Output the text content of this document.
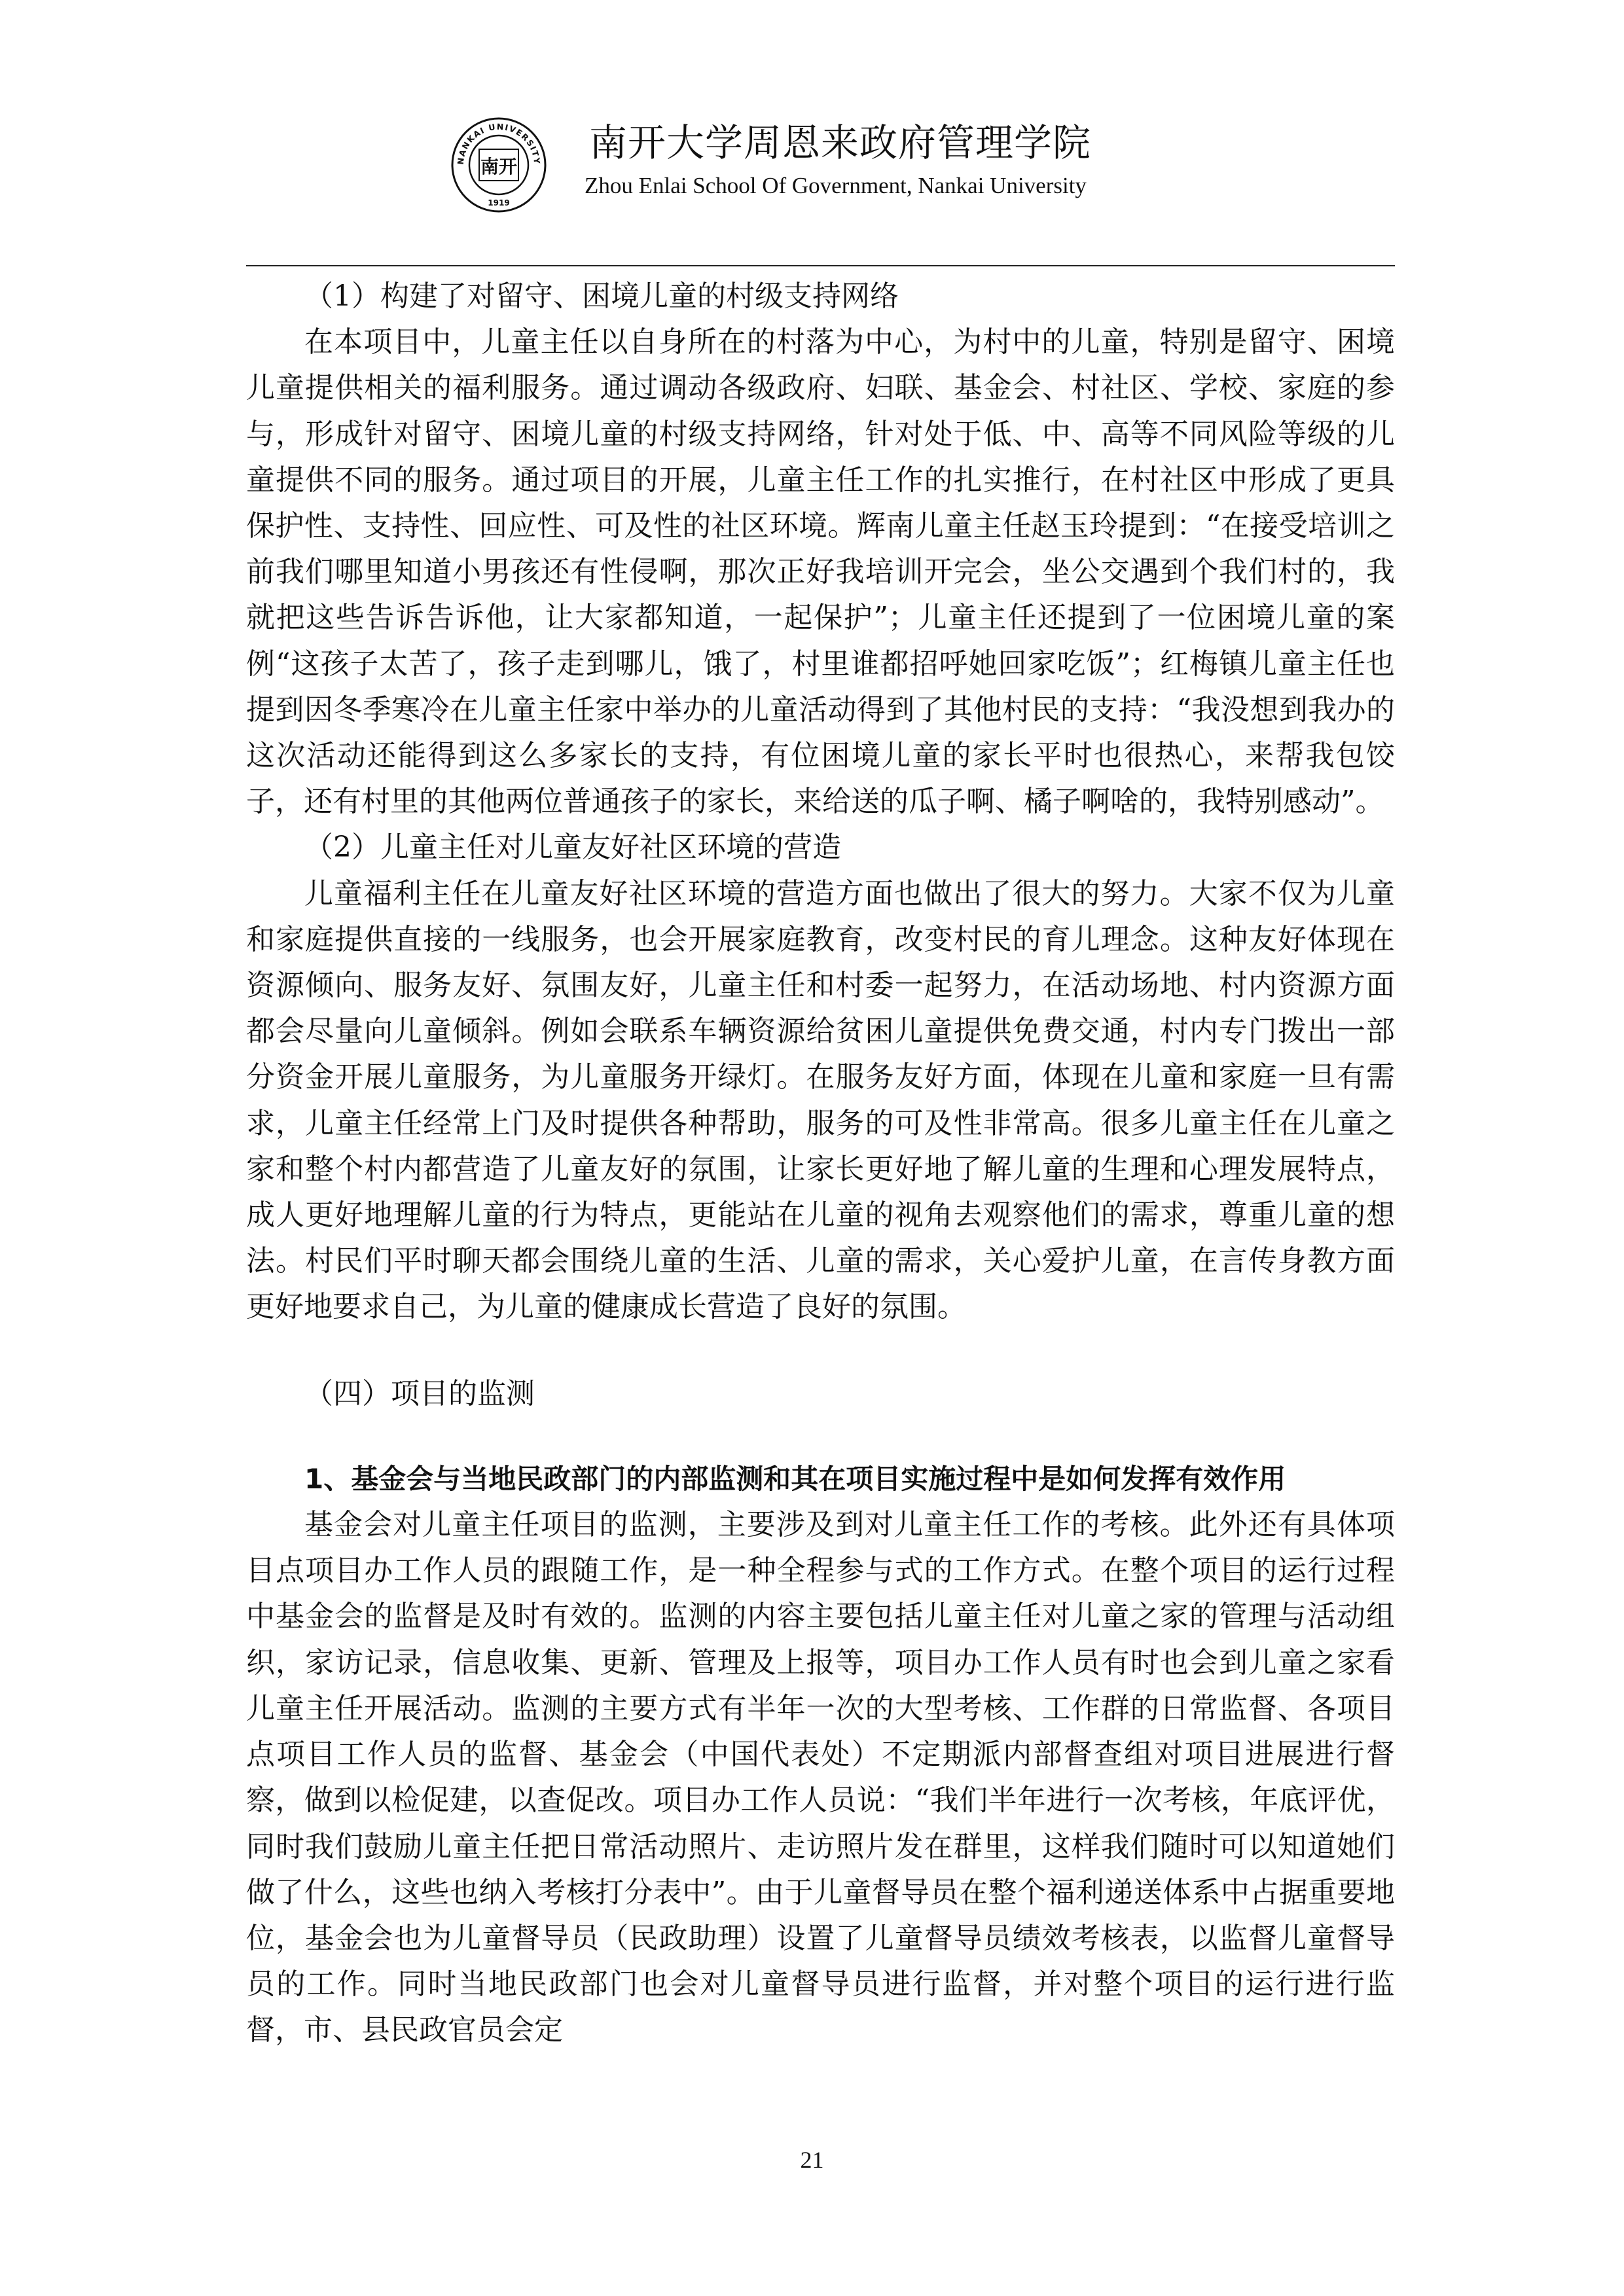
NANKAI UNIVERSITY
1919
南开
南开大学周恩来政府管理学院
Zhou Enlai School Of Government, Nankai University

（1）构建了对留守、困境儿童的村级支持网络

在本项目中，儿童主任以自身所在的村落为中心，为村中的儿童，特别是留守、困境儿童提供相关的福利服务。通过调动各级政府、妇联、基金会、村社区、学校、家庭的参与，形成针对留守、困境儿童的村级支持网络，针对处于低、中、高等不同风险等级的儿童提供不同的服务。通过项目的开展，儿童主任工作的扎实推行，在村社区中形成了更具保护性、支持性、回应性、可及性的社区环境。辉南儿童主任赵玉玲提到：“在接受培训之前我们哪里知道小男孩还有性侵啊，那次正好我培训开完会，坐公交遇到个我们村的，我就把这些告诉告诉他，让大家都知道，一起保护”；儿童主任还提到了一位困境儿童的案例“这孩子太苦了，孩子走到哪儿，饿了，村里谁都招呼她回家吃饭”；红梅镇儿童主任也提到因冬季寒冷在儿童主任家中举办的儿童活动得到了其他村民的支持：“我没想到我办的这次活动还能得到这么多家长的支持，有位困境儿童的家长平时也很热心，来帮我包饺子，还有村里的其他两位普通孩子的家长，来给送的瓜子啊、橘子啊啥的，我特别感动”。

（2）儿童主任对儿童友好社区环境的营造

儿童福利主任在儿童友好社区环境的营造方面也做出了很大的努力。大家不仅为儿童和家庭提供直接的一线服务，也会开展家庭教育，改变村民的育儿理念。这种友好体现在资源倾向、服务友好、氛围友好，儿童主任和村委一起努力，在活动场地、村内资源方面都会尽量向儿童倾斜。例如会联系车辆资源给贫困儿童提供免费交通，村内专门拨出一部分资金开展儿童服务，为儿童服务开绿灯。在服务友好方面，体现在儿童和家庭一旦有需求，儿童主任经常上门及时提供各种帮助，服务的可及性非常高。很多儿童主任在儿童之家和整个村内都营造了儿童友好的氛围，让家长更好地了解儿童的生理和心理发展特点，成人更好地理解儿童的行为特点，更能站在儿童的视角去观察他们的需求，尊重儿童的想法。村民们平时聊天都会围绕儿童的生活、儿童的需求，关心爱护儿童，在言传身教方面更好地要求自己，为儿童的健康成长营造了良好的氛围。

（四）项目的监测

1、基金会与当地民政部门的内部监测和其在项目实施过程中是如何发挥有效作用

基金会对儿童主任项目的监测，主要涉及到对儿童主任工作的考核。此外还有具体项目点项目办工作人员的跟随工作，是一种全程参与式的工作方式。在整个项目的运行过程中基金会的监督是及时有效的。监测的内容主要包括儿童主任对儿童之家的管理与活动组织，家访记录，信息收集、更新、管理及上报等，项目办工作人员有时也会到儿童之家看儿童主任开展活动。监测的主要方式有半年一次的大型考核、工作群的日常监督、各项目点项目工作人员的监督、基金会（中国代表处）不定期派内部督查组对项目进展进行督察，做到以检促建，以查促改。项目办工作人员说：“我们半年进行一次考核，年底评优，同时我们鼓励儿童主任把日常活动照片、走访照片发在群里，这样我们随时可以知道她们做了什么，这些也纳入考核打分表中”。由于儿童督导员在整个福利递送体系中占据重要地位，基金会也为儿童督导员（民政助理）设置了儿童督导员绩效考核表，以监督儿童督导员的工作。同时当地民政部门也会对儿童督导员进行监督，并对整个项目的运行进行监督，市、县民政官员会定

21
